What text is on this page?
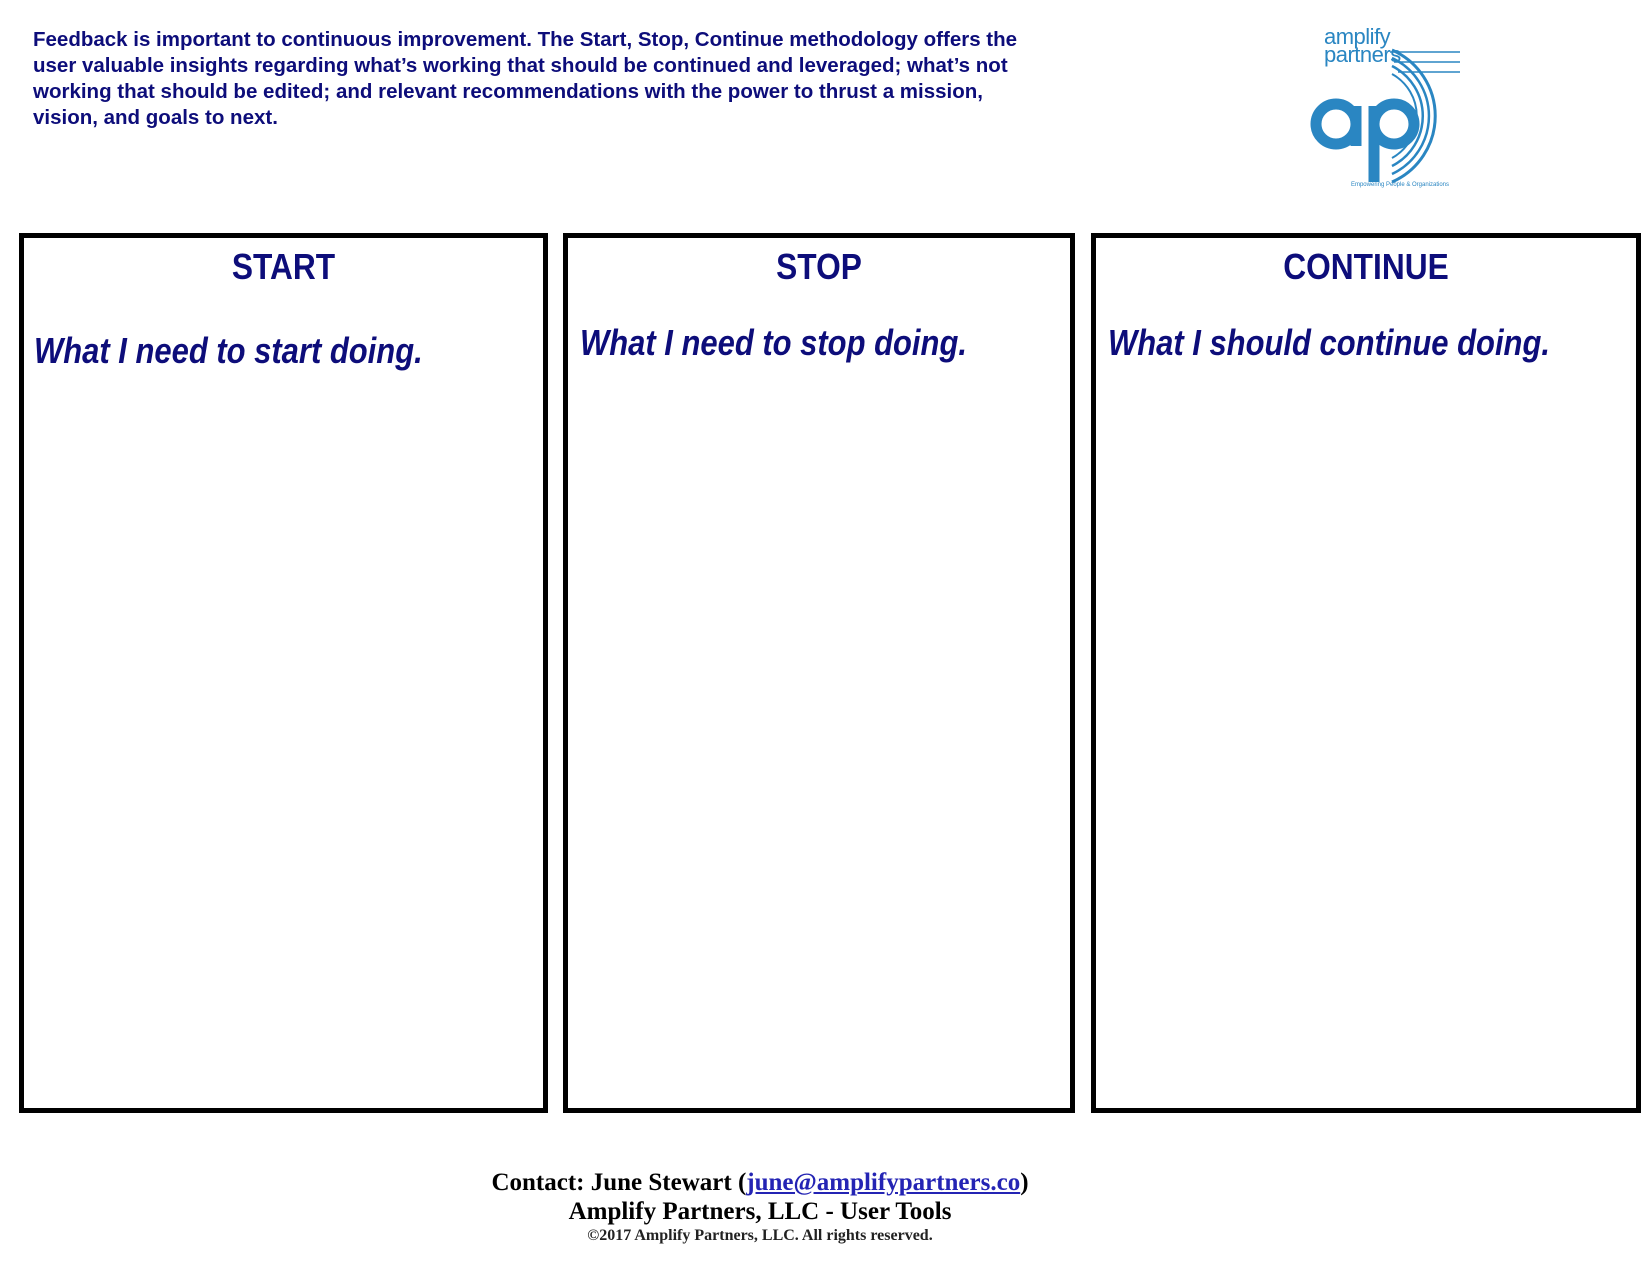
Feedback is important to continuous improvement. The Start, Stop, Continue methodology offers the user valuable insights regarding what’s working that should be continued and leveraged; what’s not working that should be edited; and relevant recommendations with the power to thrust a mission, vision, and goals to next.

amplify
partners
Empowering People & Organizations
START
What I need to start doing.
STOP
What I need to stop doing.
CONTINUE
What I should continue doing.
Contact: June Stewart (june@amplifypartners.co)
Amplify Partners, LLC - User Tools
©2017 Amplify Partners, LLC. All rights reserved.
